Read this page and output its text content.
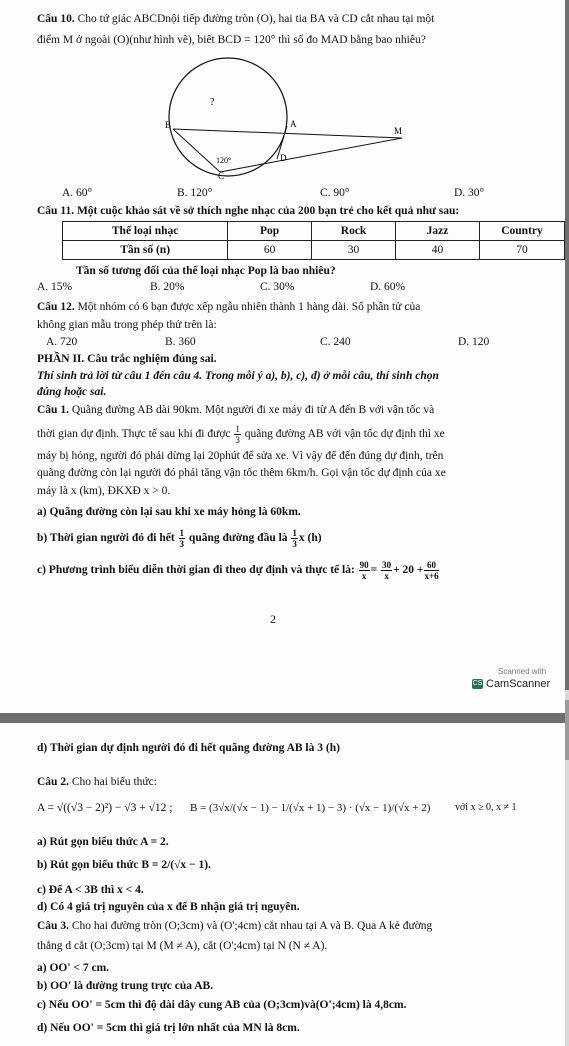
Câu 10. Cho tứ giác ABCDnội tiếp đường tròn (O), hai tia BA và CD cắt nhau tại một
điểm M ở ngoài (O)(như hình vẽ), biết BCD = 120° thì số đo MAD bằng bao nhiêu?
?
B	A
M
D
C
120°
A. 60°	B. 120°	C. 90°	D. 30°
Câu 11. Một cuộc khảo sát về sở thích nghe nhạc của 200 bạn trẻ cho kết quả như sau:
Thể loại nhạc	Pop	Rock	Jazz	Country
Tần số (n)	60	30	40	70
Tần số tương đối của thể loại nhạc Pop là bao nhiêu?
A. 15%	B. 20%	C. 30%	D. 60%
Câu 12. Một nhóm có 6 bạn được xếp ngẫu nhiên thành 1 hàng dài. Số phần tử của
không gian mẫu trong phép thử trên là:
A. 720	B. 360	C. 240	D. 120
PHẦN II. Câu trắc nghiệm đúng sai.
Thí sinh trả lời từ câu 1 đến câu 4. Trong mỗi ý a), b), c), d) ở mỗi câu, thí sinh chọn
đúng hoặc sai.
Câu 1. Quãng đường AB dài 90km. Một người đi xe máy đi từ A đến B với vận tốc và
thời gian dự định. Thực tế sau khi đi được $\frac{1}{3}$ quãng đường AB với vận tốc dự định thì xe
máy bị hỏng, người đó phải dừng lại 20phút để sửa xe. Vì vậy để đến đúng dự định, trên
quãng đường còn lại người đó phải tăng vận tốc thêm 6km/h. Gọi vận tốc dự định của xe
máy là x (km), ĐKXĐ x > 0.
a) Quãng đường còn lại sau khi xe máy hỏng là 60km.
b) Thời gian người đó đi hết $\frac{1}{3}$ quãng đường đầu là $\frac{1}{3}$ x (h)
c) Phương trình biểu diễn thời gian đi theo dự định và thực tế là: $\frac{90}{x} = \frac{30}{x} + 20 + \frac{60}{x+6}$
2
Scanned with
CS CamScanner
d) Thời gian dự định người đó đi hết quãng đường AB là 3 (h)
Câu 2. Cho hai biểu thức:
A = √((√3 − 2)²) − √3 + √12 ; B = (3√x/(√x − 1) − 1/(√x + 1) − 3) · (√x − 1)/(√x + 2) với x ≥ 0, x ≠ 1
a) Rút gọn biểu thức A = 2.
b) Rút gọn biểu thức B = 2/(√x − 1).
c) Để A < 3B thì x < 4.
d) Có 4 giá trị nguyên của x để B nhận giá trị nguyên.
Câu 3. Cho hai đường tròn (O;3cm) và (O';4cm) cắt nhau tại A và B. Qua A kẻ đường
thẳng d cắt (O;3cm) tại M (M ≠ A), cắt (O';4cm) tại N (N ≠ A).
a) OO' < 7 cm.
b) OO' là đường trung trực của AB.
c) Nếu OO' = 5cm thì độ dài dây cung AB của (O;3cm)và(O';4cm) là 4,8cm.
d) Nếu OO' = 5cm thì giá trị lớn nhất của MN là 8cm.
